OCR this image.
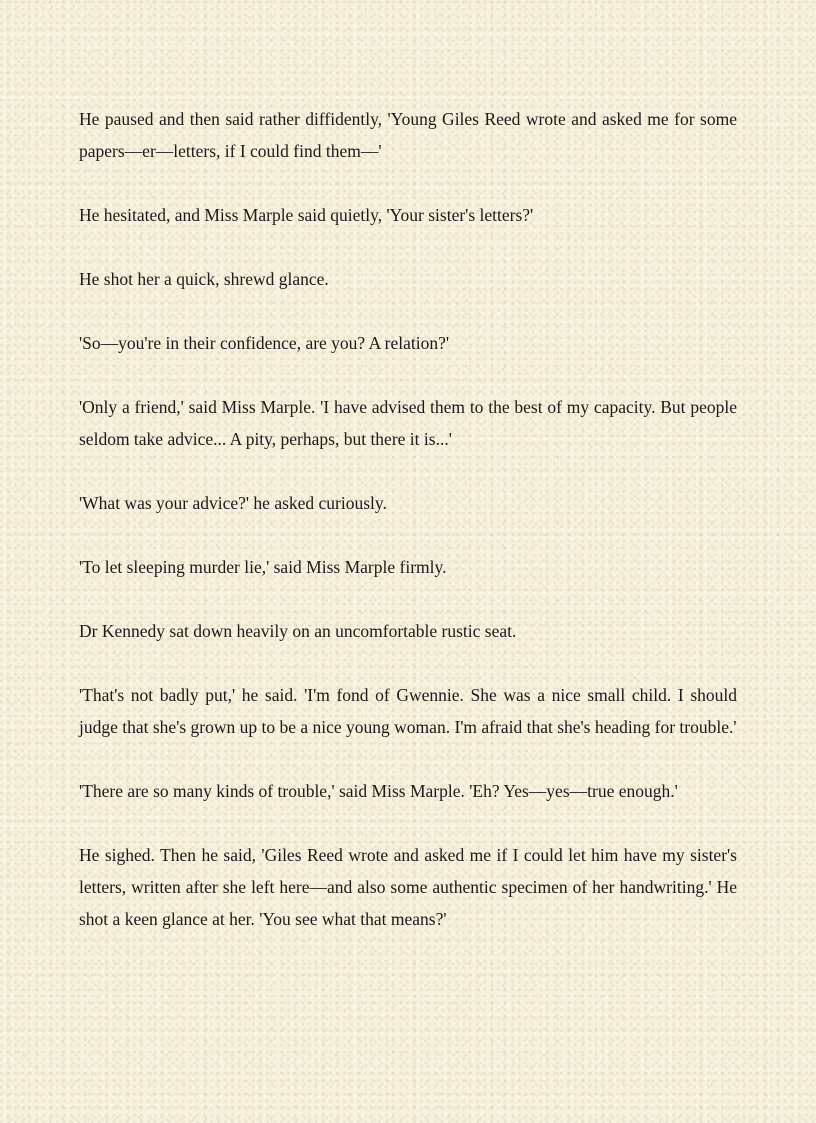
He paused and then said rather diffidently, 'Young Giles Reed wrote and asked me for some papers—er—letters, if I could find them—'

He hesitated, and Miss Marple said quietly, 'Your sister's letters?'

He shot her a quick, shrewd glance.

'So—you're in their confidence, are you? A relation?'

'Only a friend,' said Miss Marple. 'I have advised them to the best of my capacity. But people seldom take advice... A pity, perhaps, but there it is...'

'What was your advice?' he asked curiously.

'To let sleeping murder lie,' said Miss Marple firmly.

Dr Kennedy sat down heavily on an uncomfortable rustic seat.

'That's not badly put,' he said. 'I'm fond of Gwennie. She was a nice small child. I should judge that she's grown up to be a nice young woman. I'm afraid that she's heading for trouble.'

'There are so many kinds of trouble,' said Miss Marple. 'Eh? Yes—yes—true enough.'

He sighed. Then he said, 'Giles Reed wrote and asked me if I could let him have my sister's letters, written after she left here—and also some authentic specimen of her handwriting.' He shot a keen glance at her. 'You see what that means?'
